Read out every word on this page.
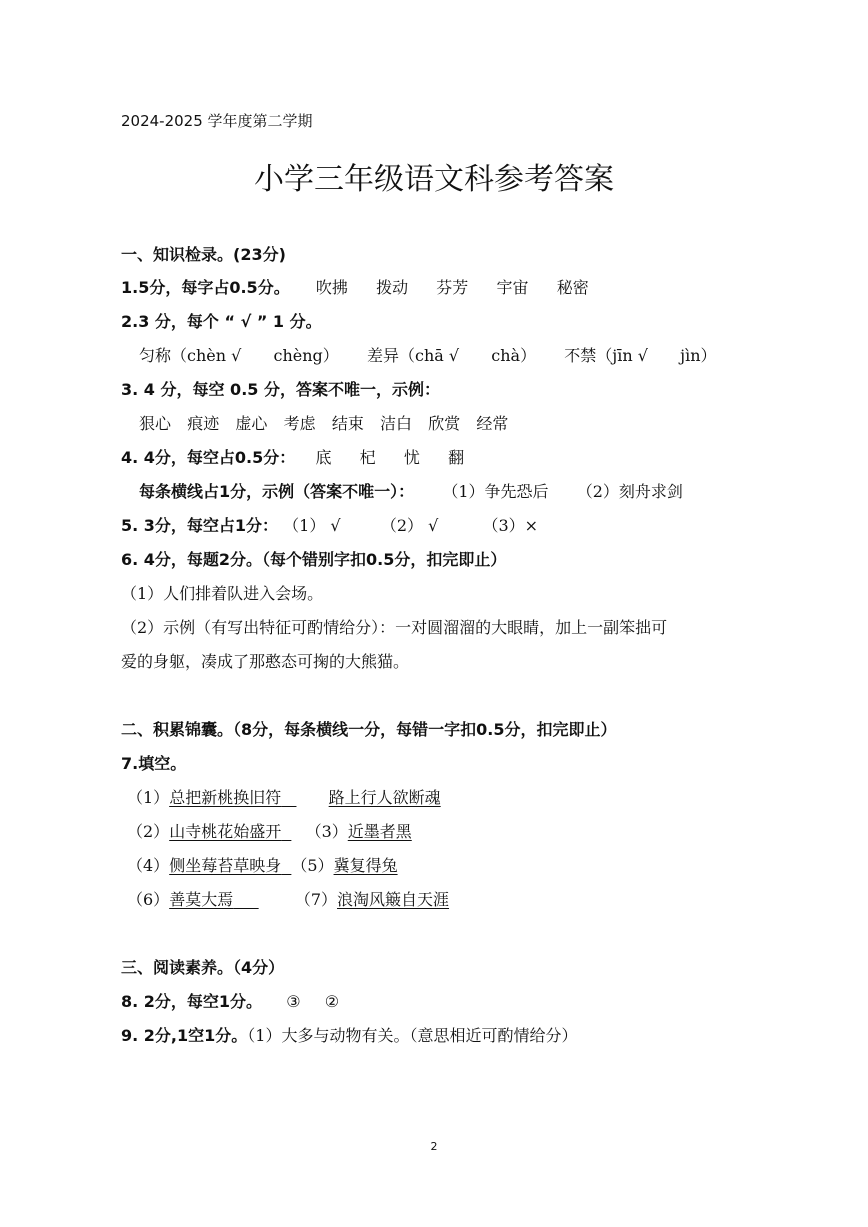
2024-2025 学年度第二学期
小学三年级语文科参考答案
一、知识检录。(23分)
1.5分，每字占0.5分。 吹拂 拨动 芬芳 宇宙 秘密
2.3 分，每个 “ √ ” 1 分。
匀称（chèn √ chèng） 差异（chā √ chà） 不禁（jīn √ jìn）
3. 4 分，每空 0.5 分，答案不唯一，示例：
狠心 痕迹 虚心 考虑 结束 洁白 欣赏 经常
4. 4分，每空占0.5分： 底 杞 忧 翻
每条横线占1分，示例（答案不唯一）： （1）争先恐后 （2）刻舟求剑
5. 3分，每空占1分： （1） √	（2） √	（3）×
6. 4分，每题2分。（每个错别字扣0.5分，扣完即止）
（1）人们排着队进入会场。
（2）示例（有写出特征可酌情给分）：一对圆溜溜的大眼睛，加上一副笨拙可
爱的身躯，凑成了那憨态可掬的大熊猫。
二、积累锦囊。（8分，每条横线一分，每错一字扣0.5分，扣完即止）
7.填空。
（1）总把新桃换旧符	路上行人欲断魂
（2）山寺桃花始盛开 （3）近墨者黑
（4）侧坐莓苔草映身 （5）冀复得兔
（6）善莫大焉	（7）浪淘风簸自天涯
三、阅读素养。（4分）
8. 2分，每空1分。 ③ ②
9. 2分,1空1分。（1）大多与动物有关。（意思相近可酌情给分）
2
